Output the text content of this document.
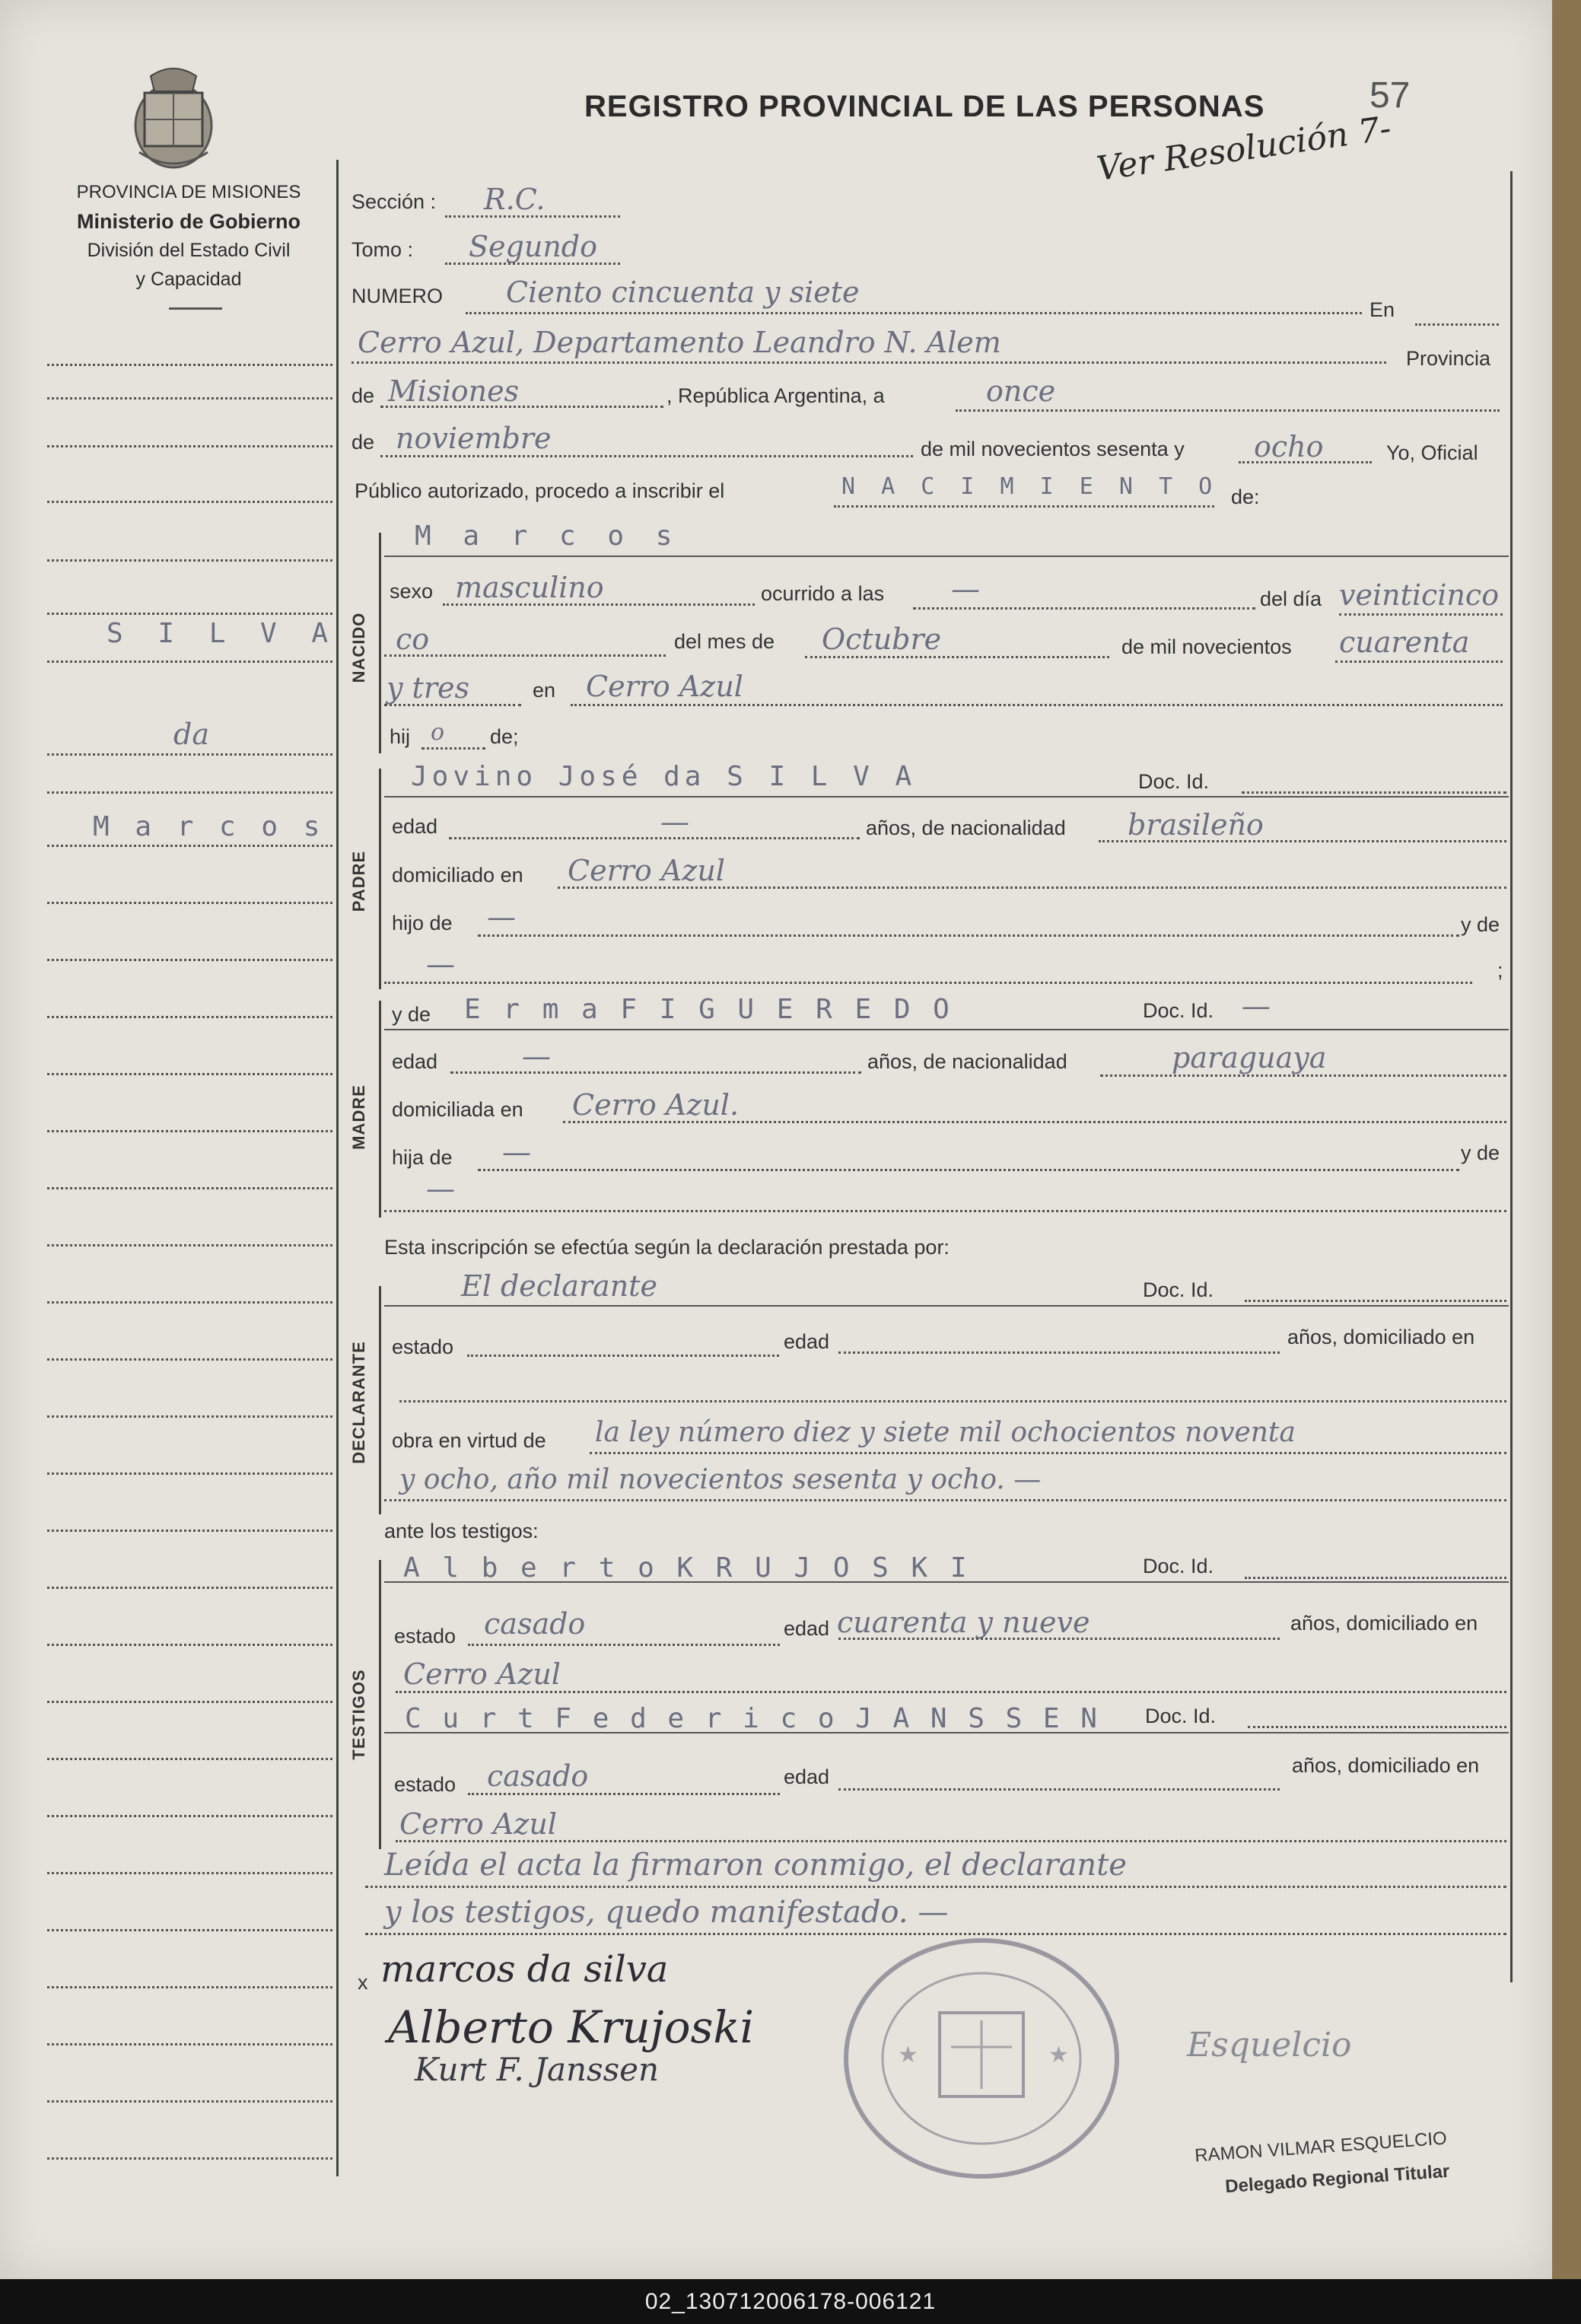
PROVINCIA DE MISIONES
Ministerio de Gobierno
División del Estado Civil
y Capacidad
REGISTRO PROVINCIAL DE LAS PERSONAS	57
Ver Resolución 7-
S I L V A
da
M a r c o s
Sección : R.C.
Tomo : Segundo
NUMERO Ciento cincuenta y siete
En
Cerro Azul, Departamento Leandro N. Alem	Provincia
de Misiones	, República Argentina, a	once
de noviembre	de mil novecientos sesenta y ocho	Yo, Oficial
Público autorizado, procedo a inscribir el	N A C I M I E N T O de:
NACIDO
M a r c o s
sexo masculino	ocurrido a las —	del día veinticinco
co	del mes de Octubre	de mil novecientos cuarenta
y tres	en Cerro Azul
hij o de;
PADRE
Jovino José da S I L V A	Doc. Id.
edad	—	años, de nacionalidad brasileño
domiciliado en Cerro Azul
hijo de —	y de
—	;
MADRE
y de E r m a F I G U E R E D O	Doc. Id. —
edad	—	años, de nacionalidad	paraguaya
domiciliada en Cerro Azul.
hija de —	y de
—
Esta inscripción se efectúa según la declaración prestada por:
DECLARANTE
El declarante	Doc. Id.
estado	edad	años, domiciliado en
obra en virtud de la ley número diez y siete mil ochocientos noventa
y ocho, año mil novecientos sesenta y ocho. —
ante los testigos:
TESTIGOS
A l b e r t o K R U J O S K I	Doc. Id.
estado casado	edad cuarenta y nueve	años, domiciliado en
Cerro Azul
C u r t F e d e r i c o J A N S S E N Doc. Id.
estado casado	edad	años, domiciliado en
Cerro Azul
Leída el acta la firmaron conmigo, el declarante
y los testigos, quedo manifestado. —
x marcos da silva
Alberto Krujoski
Kurt F. Janssen	★	★	Esquelcio
RAMON VILMAR ESQUELCIO
Delegado Regional Titular
02_130712006178-006121
